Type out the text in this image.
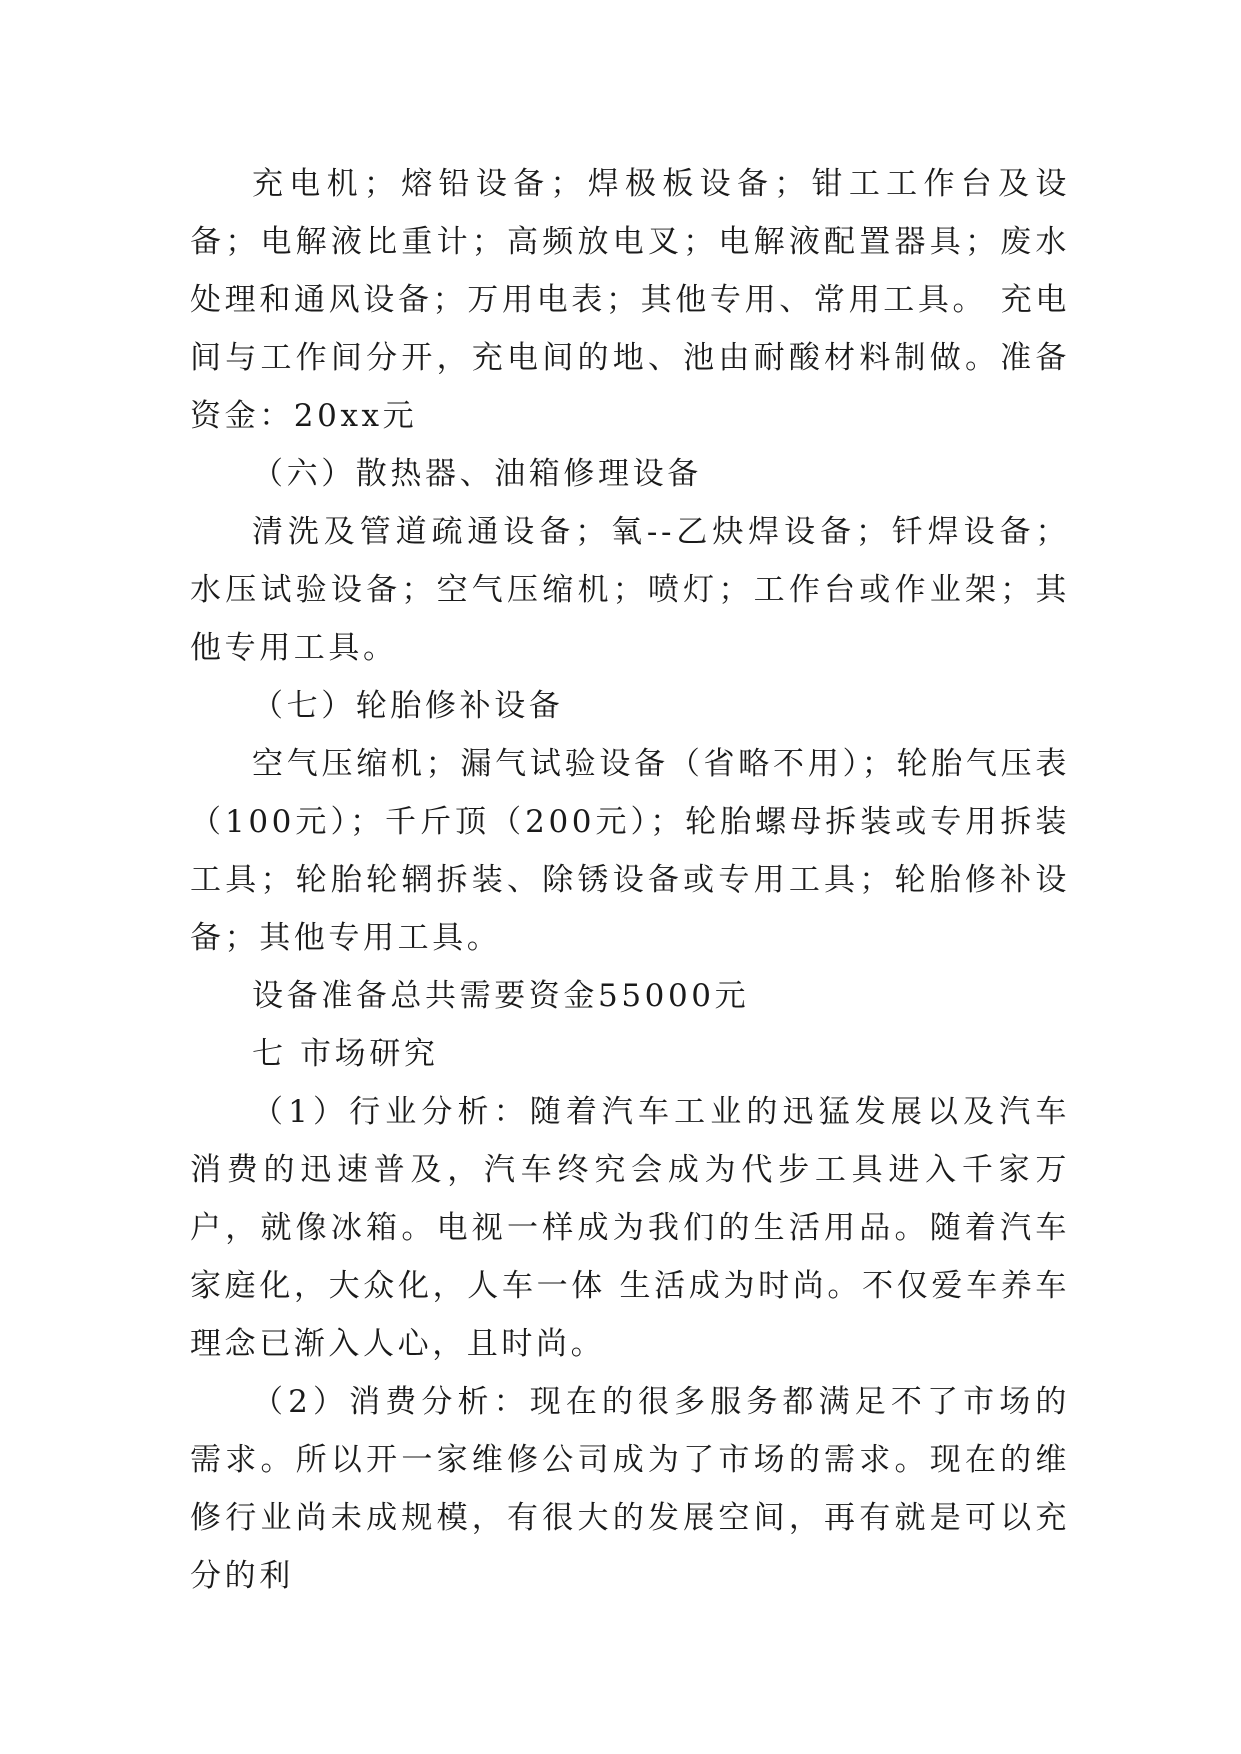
充电机；熔铅设备；焊极板设备；钳工工作台及设备；电解液比重计；高频放电叉；电解液配置器具；废水处理和通风设备；万用电表；其他专用、常用工具。 充电间与工作间分开，充电间的地、池由耐酸材料制做。准备资金：20xx元

（六）散热器、油箱修理设备

清洗及管道疏通设备；氧--乙炔焊设备；钎焊设备；水压试验设备；空气压缩机；喷灯；工作台或作业架；其他专用工具。

（七）轮胎修补设备

空气压缩机；漏气试验设备（省略不用）；轮胎气压表（100元）；千斤顶（200元）；轮胎螺母拆装或专用拆装工具；轮胎轮辋拆装、除锈设备或专用工具；轮胎修补设备；其他专用工具。

设备准备总共需要资金55000元

七 市场研究

（1）行业分析：随着汽车工业的迅猛发展以及汽车消费的迅速普及，汽车终究会成为代步工具进入千家万户，就像冰箱。电视一样成为我们的生活用品。随着汽车家庭化，大众化，人车一体 生活成为时尚。不仅爱车养车理念已渐入人心，且时尚。

（2）消费分析：现在的很多服务都满足不了市场的需求。所以开一家维修公司成为了市场的需求。现在的维修行业尚未成规模，有很大的发展空间，再有就是可以充分的利
